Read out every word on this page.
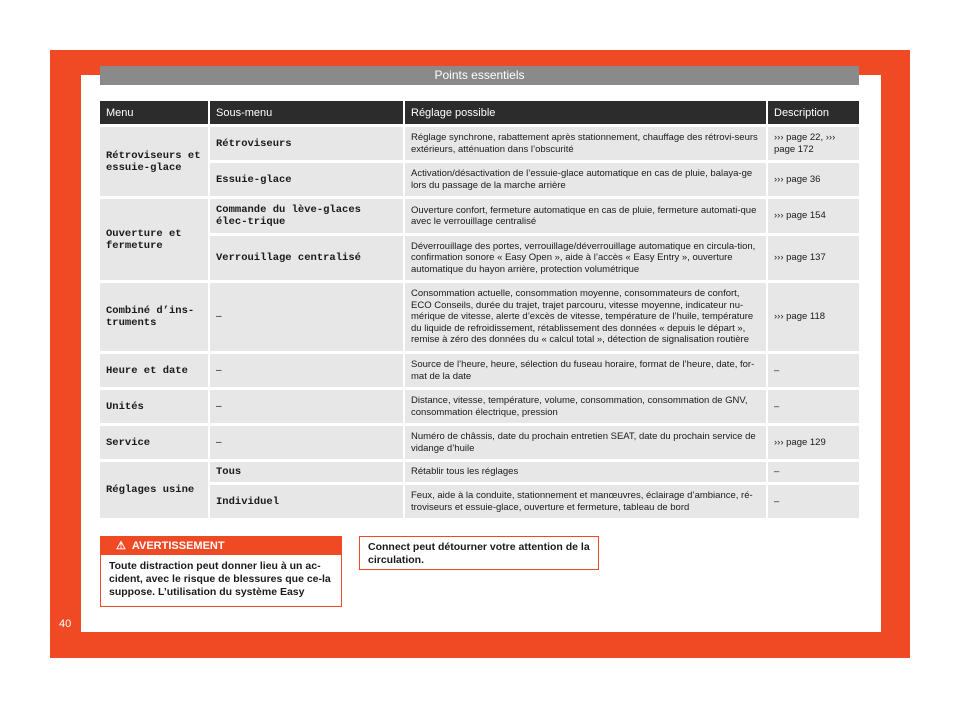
Points essentiels
Menu	Sous-menu	Réglage possible	Description
Rétroviseurs et essuie-glace	Rétroviseurs	Réglage synchrone, rabattement après stationnement, chauffage des rétrovi-seurs extérieurs, atténuation dans l’obscurité	››› page 22, ››› page 172
	Essuie-glace	Activation/désactivation de l’essuie-glace automatique en cas de pluie, balaya-ge lors du passage de la marche arrière	››› page 36
Ouverture et fermeture	Commande du lève-glaces élec-trique	Ouverture confort, fermeture automatique en cas de pluie, fermeture automati-que avec le verrouillage centralisé	››› page 154
	Verrouillage centralisé	Déverrouillage des portes, verrouillage/déverrouillage automatique en circula-tion, confirmation sonore « Easy Open », aide à l’accès « Easy Entry », ouverture automatique du hayon arrière, protection volumétrique	››› page 137
Combiné d’ins-truments	–	Consommation actuelle, consommation moyenne, consommateurs de confort, ECO Conseils, durée du trajet, trajet parcouru, vitesse moyenne, indicateur nu-mérique de vitesse, alerte d’excès de vitesse, température de l’huile, température du liquide de refroidissement, rétablissement des données « depuis le départ », remise à zéro des données du « calcul total », détection de signalisation routière	››› page 118
Heure et date	–	Source de l’heure, heure, sélection du fuseau horaire, format de l’heure, date, for-mat de la date	–
Unités	–	Distance, vitesse, température, volume, consommation, consommation de GNV, consommation électrique, pression	–
Service	–	Numéro de châssis, date du prochain entretien SEAT, date du prochain service de vidange d’huile	››› page 129
Réglages usine	Tous	Rétablir tous les réglages	–
	Individuel	Feux, aide à la conduite, stationnement et manœuvres, éclairage d’ambiance, ré-troviseurs et essuie-glace, ouverture et fermeture, tableau de bord	–
⚠ AVERTISSEMENT
Toute distraction peut donner lieu à un ac-cident, avec le risque de blessures que ce-la suppose. L’utilisation du système Easy
Connect peut détourner votre attention de la circulation.
40
